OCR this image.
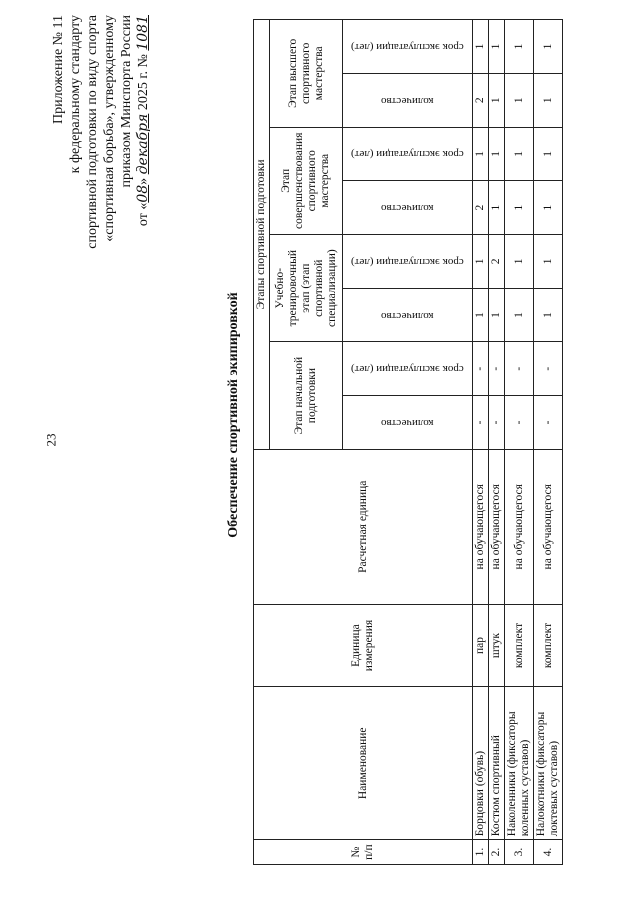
23
Приложение № 11 к федеральному стандарту спортивной подготовки по виду спорта «спортивная борьба», утвержденному приказом Минспорта России
от «08» декабря 2025 г. № 1081
Обеспечение спортивной экипировкой
№ п/п	Наименование	Единица измерения	Расчетная единица	Этапы спортивной подготовки							
				Этап начальной подготовки		Учебно-тренировочный этап (этап спортивной специализации)		Этап совершенствования спортивного мастерства		Этап высшего спортивного мастерства	

				количество	срок эксплуатации (лет)	количество	срок эксплуатации (лет)	количество	срок эксплуатации (лет)	количество	срок эксплуатации (лет)

1.	Борцовки (обувь)	пар	на обучающегося	-	-	1	1	2	1	2	1
2.	Костюм спортивный	штук	на обучающегося	-	-	1	2	1	1	1	1
3.	Наколенники (фиксаторы коленных суставов)	комплект	на обучающегося	-	-	1	1	1	1	1	1
4.	Налокотники (фиксаторы локтевых суставов)	комплект	на обучающегося	-	-	1	1	1	1	1	1
